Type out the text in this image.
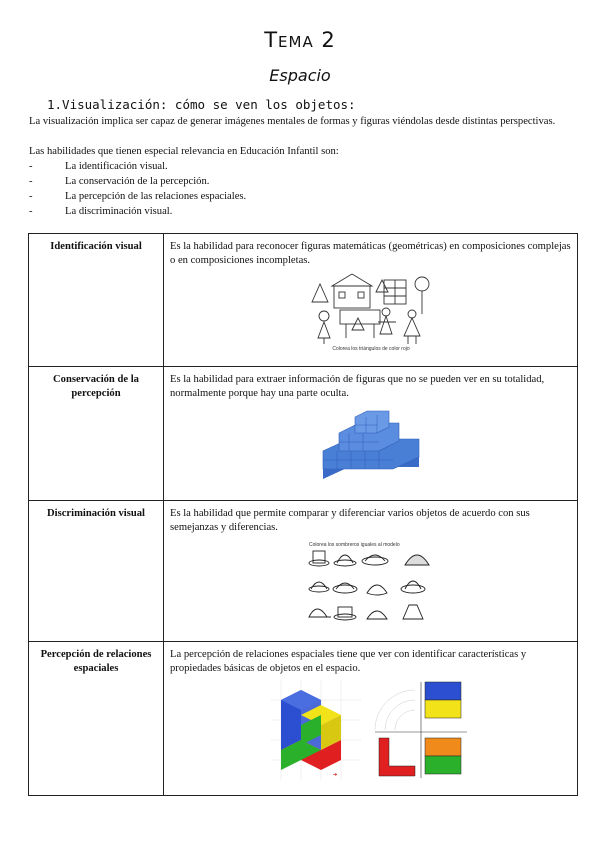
Tema 2
Espacio
1.Visualización: cómo se ven los objetos:
La visualización implica ser capaz de generar imágenes mentales de formas y figuras viéndolas desde distintas perspectivas.
Las habilidades que tienen especial relevancia en Educación Infantil son:
-	La identificación visual.
-	La conservación de la percepción.
-	La percepción de las relaciones espaciales.
-	La discriminación visual.
Identificación visual	Es la habilidad para reconocer figuras matemáticas (geométricas) en composiciones complejas o en composiciones incompletas.
Colorea los triángulos de color rojo

Conservación de la percepción	Es la habilidad para extraer información de figuras que no se pueden ver en su totalidad, normalmente porque hay una parte oculta.

Discriminación visual	Es la habilidad que permite comparar y diferenciar varios objetos de acuerdo con sus semejanzas y diferencias.
Colorea los sombreros iguales al modelo

Percepción de relaciones espaciales	La percepción de relaciones espaciales tiene que ver con identificar características y propiedades básicas de objetos en el espacio.
➔
